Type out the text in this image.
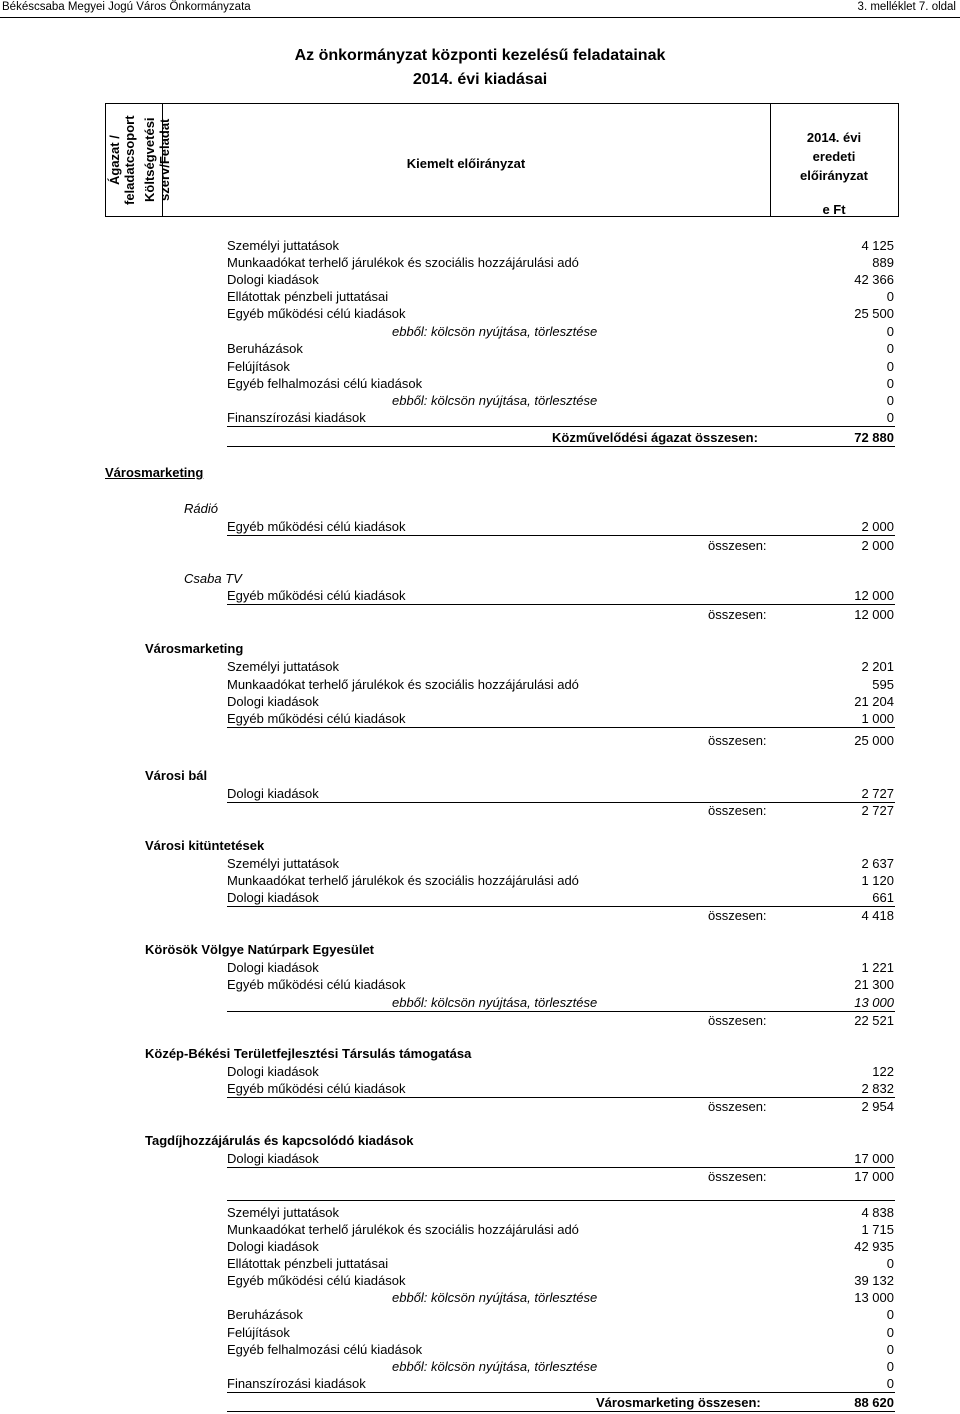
Békéscsaba Megyei Jogú Város Önkormányzata	3. melléklet 7. oldal
Az önkormányzat központi kezelésű feladatainak
2014. évi kiadásai
Ágazat /
feladatcsoport Költségvetési
szerv/Feladat	Kiemelt előirányzat
2014. évi
eredeti
előirányzat
e Ft
Személyi juttatások	4 125
Munkaadókat terhelő járulékok és szociális hozzájárulási adó	889
Dologi kiadások	42 366
Ellátottak pénzbeli juttatásai	0
Egyéb működési célú kiadások	25 500
ebből: kölcsön nyújtása, törlesztése	0
Beruházások	0
Felújítások	0
Egyéb felhalmozási célú kiadások	0
ebből: kölcsön nyújtása, törlesztése	0
Finanszírozási kiadások	0
Közművelődési ágazat összesen:	72 880
Városmarketing
Rádió
Egyéb működési célú kiadások	2 000
összesen:	2 000
Csaba TV
Egyéb működési célú kiadások	12 000
összesen:	12 000
Városmarketing
Személyi juttatások	2 201
Munkaadókat terhelő járulékok és szociális hozzájárulási adó	595
Dologi kiadások	21 204
Egyéb működési célú kiadások	1 000
összesen:	25 000
Városi bál
Dologi kiadások	2 727
összesen:	2 727
Városi kitüntetések
Személyi juttatások	2 637
Munkaadókat terhelő járulékok és szociális hozzájárulási adó	1 120
Dologi kiadások	661
összesen:	4 418
Körösök Völgye Natúrpark Egyesület
Dologi kiadások	1 221
Egyéb működési célú kiadások	21 300
ebből: kölcsön nyújtása, törlesztése	13 000
összesen:	22 521
Közép-Békési Területfejlesztési Társulás támogatása
Dologi kiadások	122
Egyéb működési célú kiadások	2 832
összesen:	2 954
Tagdíjhozzájárulás és kapcsolódó kiadások
Dologi kiadások	17 000
összesen:	17 000
Személyi juttatások	4 838
Munkaadókat terhelő járulékok és szociális hozzájárulási adó	1 715
Dologi kiadások	42 935
Ellátottak pénzbeli juttatásai	0
Egyéb működési célú kiadások	39 132
ebből: kölcsön nyújtása, törlesztése	13 000
Beruházások	0
Felújítások	0
Egyéb felhalmozási célú kiadások	0
ebből: kölcsön nyújtása, törlesztése	0
Finanszírozási kiadások	0
Városmarketing összesen:	88 620
